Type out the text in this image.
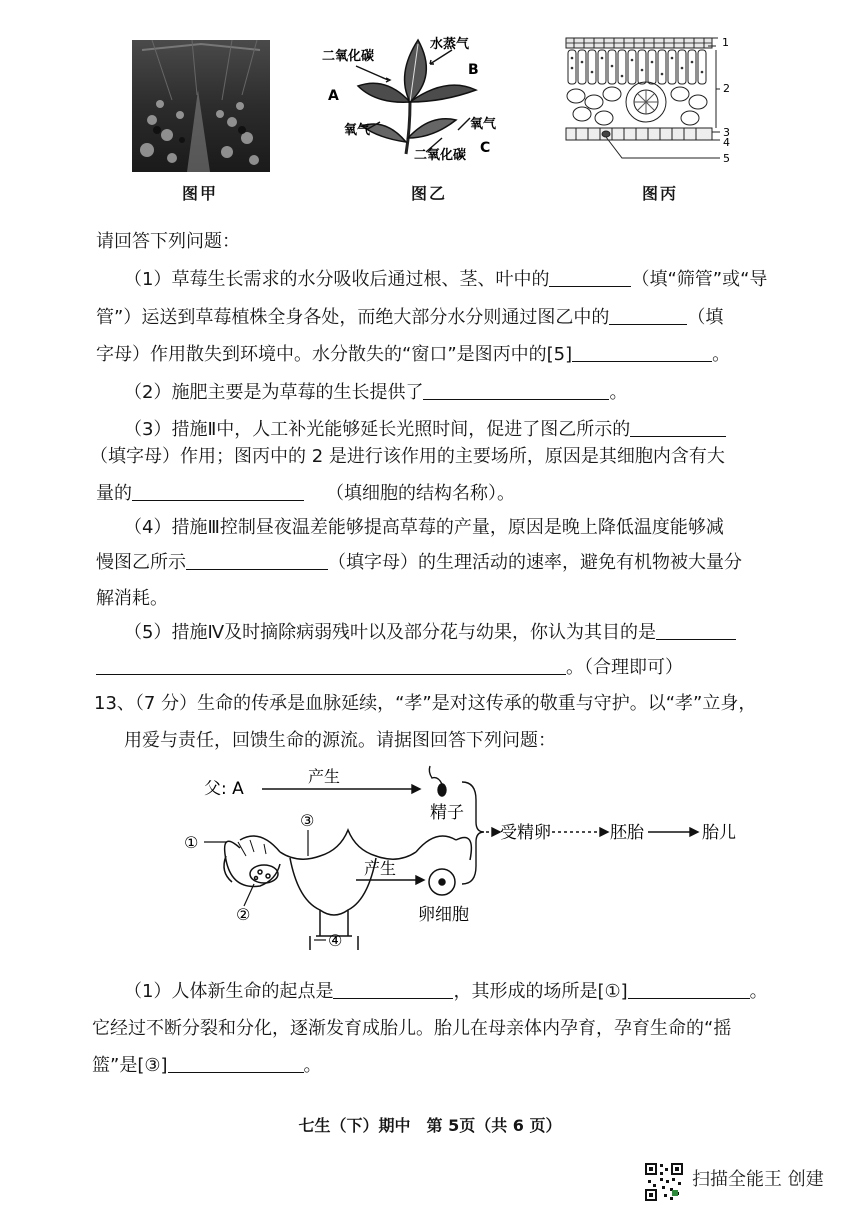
图甲
二氧化碳
水蒸气
A
B
氧气	氧气
二氧化碳 C
图乙
1
2
3
4
5
图丙
请回答下列问题：
（1）草莓生长需求的水分吸收后通过根、茎、叶中的	（填“筛管”或“导
管”）运送到草莓植株全身各处，而绝大部分水分则通过图乙中的	（填
字母）作用散失到环境中。水分散失的“窗口”是图丙中的[5]	。
（2）施肥主要是为草莓的生长提供了	。
（3）措施Ⅱ中，人工补光能够延长光照时间，促进了图乙所示的
（填字母）作用；图丙中的 2 是进行该作用的主要场所，原因是其细胞内含有大
量的	（填细胞的结构名称）。
（4）措施Ⅲ控制昼夜温差能够提高草莓的产量，原因是晚上降低温度能够减
慢图乙所示	（填字母）的生理活动的速率，避免有机物被大量分
解消耗。
（5）措施Ⅳ及时摘除病弱残叶以及部分花与幼果，你认为其目的是
。（合理即可）
13、（7 分）生命的传承是血脉延续，“孝”是对这传承的敬重与守护。以“孝”立身，
用爱与责任，回馈生命的源流。请据图回答下列问题：
父: A
产生
精子
受精卵	胚胎	胎儿
①
③
②
④
产生
卵细胞
（1）人体新生命的起点是	，其形成的场所是[①]	。
它经过不断分裂和分化，逐渐发育成胎儿。胎儿在母亲体内孕育，孕育生命的“摇
篮”是[③]	。
七生（下）期中　第 5页（共 6 页）
扫描全能王 创建
